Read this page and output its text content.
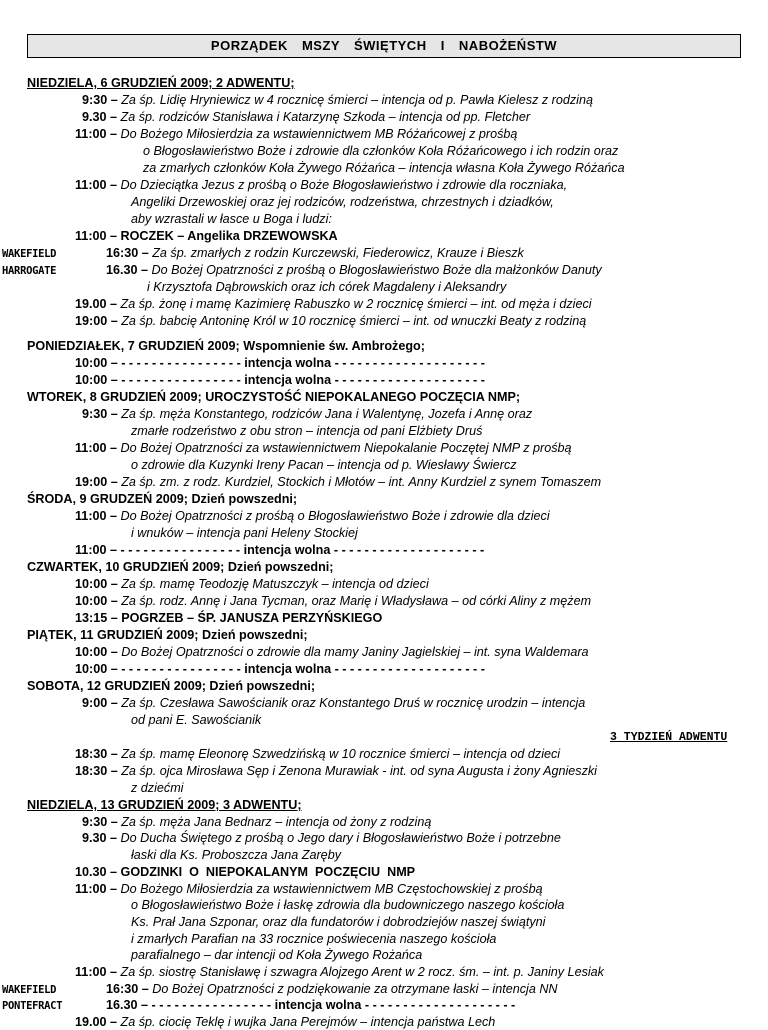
PORZĄDEK MSZY ŚWIĘTYCH I NABOŻEŃSTW
NIEDZIELA, 6 GRUDZIEŃ 2009; 2 ADWENTU;
9:30 – Za śp. Lidię Hryniewicz w 4 rocznicę śmierci – intencja od p. Pawła Kielesz z rodziną
9.30 – Za śp. rodziców Stanisława i Katarzynę Szkoda – intencja od pp. Fletcher
11:00 – Do Bożego Miłosierdzia za wstawiennictwem MB Różańcowej z prośbą
o Błogosławieństwo Boże i zdrowie dla członków Koła Różańcowego i ich rodzin oraz
za zmarłych członków Koła Żywego Różańca – intencja własna Koła Żywego Różańca
11:00 – Do Dzieciątka Jezus z prośbą o Boże Błogosławieństwo i zdrowie dla roczniaka,
Angeliki Drzewoskiej oraz jej rodziców, rodzeństwa, chrzestnych i dziadków,
aby wzrastali w łasce u Boga i ludzi:
11:00 – ROCZEK – Angelika DRZEWOWSKA
WAKEFIELD	16:30 – Za śp. zmarłych z rodzin Kurczewski, Fiederowicz, Krauze i Bieszk
HARROGATE	16.30 – Do Bożej Opatrzności z prośbą o Błogosławieństwo Boże dla małżonków Danuty
i Krzysztofa Dąbrowskich oraz ich córek Magdaleny i Aleksandry
19.00 – Za śp. żonę i mamę Kazimierę Rabuszko w 2 rocznicę śmierci – int. od męża i dzieci
19:00 – Za śp. babcię Antoninę Król w 10 rocznicę śmierci – int. od wnuczki Beaty z rodziną
PONIEDZIAŁEK, 7 GRUDZIEŃ 2009; Wspomnienie św. Ambrożego;
10:00 – - - - - - - - - - - - - - - - - intencja wolna - - - - - - - - - - - - - - - - - - - -
10:00 – - - - - - - - - - - - - - - - - intencja wolna - - - - - - - - - - - - - - - - - - - -
WTOREK, 8 GRUDZIEŃ 2009; UROCZYSTOŚĆ NIEPOKALANEGO POCZĘCIA NMP;
9:30 – Za śp. męża Konstantego, rodziców Jana i Walentynę, Jozefa i Annę oraz
zmarłe rodzeństwo z obu stron – intencja od pani Elżbiety Druś
11:00 – Do Bożej Opatrzności za wstawiennictwem Niepokalanie Poczętej NMP z prośbą
o zdrowie dla Kuzynki Ireny Pacan – intencja od p. Wiesławy Świercz
19:00 – Za śp. zm. z rodz. Kurdziel, Stockich i Młotów – int. Anny Kurdziel z synem Tomaszem
ŚRODA, 9 GRUDZEŃ 2009; Dzień powszedni;
11:00 – Do Bożej Opatrzności z prośbą o Błogosławieństwo Boże i zdrowie dla dzieci
i wnuków – intencja pani Heleny Stockiej
11:00 – - - - - - - - - - - - - - - - - intencja wolna - - - - - - - - - - - - - - - - - - - -
CZWARTEK, 10 GRUDZIEŃ 2009; Dzień powszedni;
10:00 – Za śp. mamę Teodozję Matuszczyk – intencja od dzieci
10:00 – Za śp. rodz. Annę i Jana Tycman, oraz Marię i Władysława – od córki Aliny z mężem
13:15 – POGRZEB – ŚP. JANUSZA PERZYŃSKIEGO
PIĄTEK, 11 GRUDZIEŃ 2009; Dzień powszedni;
10:00 – Do Bożej Opatrzności o zdrowie dla mamy Janiny Jagielskiej – int. syna Waldemara
10:00 – - - - - - - - - - - - - - - - - intencja wolna - - - - - - - - - - - - - - - - - - - -
SOBOTA, 12 GRUDZIEŃ 2009; Dzień powszedni;
9:00 – Za śp. Czesława Sawościanik oraz Konstantego Druś w rocznicę urodzin – intencja
od pani E. Sawościanik
3 TYDZIEŃ ADWENTU
18:30 – Za śp. mamę Eleonorę Szwedzińską w 10 rocznice śmierci – intencja od dzieci
18:30 – Za śp. ojca Mirosława Sęp i Zenona Murawiak - int. od syna Augusta i żony Agnieszki
z dziećmi
NIEDZIELA, 13 GRUDZIEŃ 2009; 3 ADWENTU;
9:30 – Za śp. męża Jana Bednarz – intencja od żony z rodziną
9.30 – Do Ducha Świętego z prośbą o Jego dary i Błogosławieństwo Boże i potrzebne
łaski dla Ks. Proboszcza Jana Zaręby
10.30 – GODZINKI  O  NIEPOKALANYM  POCZĘCIU  NMP
11:00 – Do Bożego Miłosierdzia za wstawiennictwem MB Częstochowskiej z prośbą
o Błogosławieństwo Boże i łaskę zdrowia dla budowniczego naszego kościoła
Ks. Prał Jana Szponar, oraz dla fundatorów i dobrodziejów naszej świątyni
i zmarłych Parafian na 33 rocznice poświecenia naszego kościoła
parafialnego – dar intencji od Koła Żywego Rożańca
11:00 – Za śp. siostrę Stanisławę i szwagra Alojzego Arent w 2 rocz. śm. – int. p. Janiny Lesiak
WAKEFIELD	16:30 – Do Bożej Opatrzności z podziękowanie za otrzymane łaski – intencja NN
PONTEFRACT	16.30 – - - - - - - - - - - - - - - - - intencja wolna - - - - - - - - - - - - - - - - - - - -
19.00 – Za śp. ciocię Teklę i wujka Jana Perejmów – intencja państwa Lech
